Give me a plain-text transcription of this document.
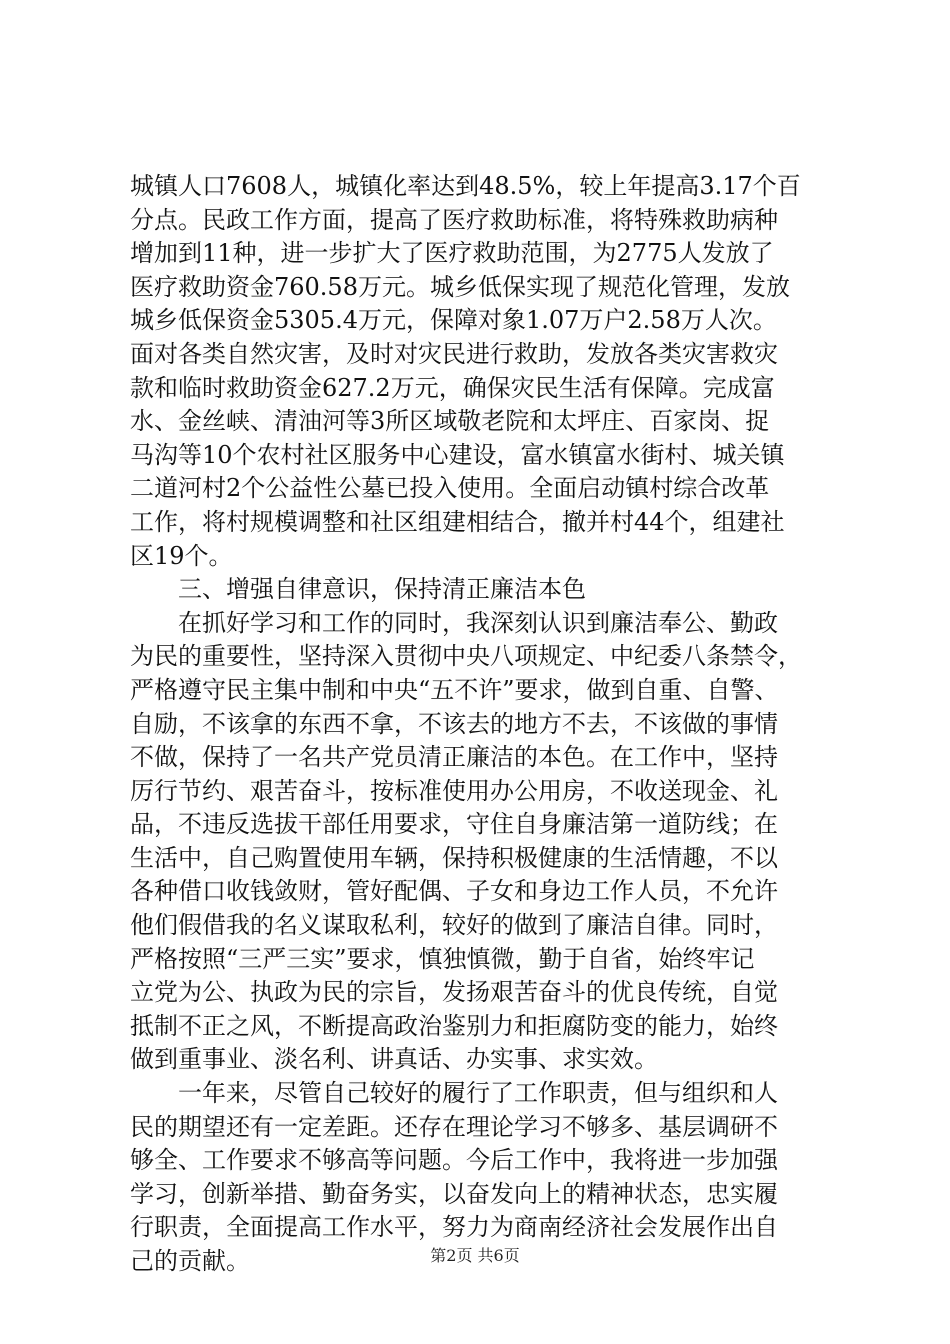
城镇人口7608人，城镇化率达到48.5%，较上年提高3.17个百
分点。民政工作方面，提高了医疗救助标准，将特殊救助病种
增加到11种，进一步扩大了医疗救助范围，为2775人发放了
医疗救助资金760.58万元。城乡低保实现了规范化管理，发放
城乡低保资金5305.4万元，保障对象1.07万户2.58万人次。
面对各类自然灾害，及时对灾民进行救助，发放各类灾害救灾
款和临时救助资金627.2万元，确保灾民生活有保障。完成富
水、金丝峡、清油河等3所区域敬老院和太坪庄、百家岗、捉
马沟等10个农村社区服务中心建设，富水镇富水街村、城关镇
二道河村2个公益性公墓已投入使用。全面启动镇村综合改革
工作，将村规模调整和社区组建相结合，撤并村44个，组建社
区19个。
三、增强自律意识，保持清正廉洁本色
在抓好学习和工作的同时，我深刻认识到廉洁奉公、勤政
为民的重要性，坚持深入贯彻中央八项规定、中纪委八条禁令，
严格遵守民主集中制和中央“五不许”要求，做到自重、自警、
自励，不该拿的东西不拿，不该去的地方不去，不该做的事情
不做，保持了一名共产党员清正廉洁的本色。在工作中，坚持
厉行节约、艰苦奋斗，按标准使用办公用房，不收送现金、礼
品，不违反选拔干部任用要求，守住自身廉洁第一道防线；在
生活中，自己购置使用车辆，保持积极健康的生活情趣，不以
各种借口收钱敛财，管好配偶、子女和身边工作人员，不允许
他们假借我的名义谋取私利，较好的做到了廉洁自律。同时，
严格按照“三严三实”要求，慎独慎微，勤于自省，始终牢记
立党为公、执政为民的宗旨，发扬艰苦奋斗的优良传统，自觉
抵制不正之风，不断提高政治鉴别力和拒腐防变的能力，始终
做到重事业、淡名利、讲真话、办实事、求实效。
一年来，尽管自己较好的履行了工作职责，但与组织和人
民的期望还有一定差距。还存在理论学习不够多、基层调研不
够全、工作要求不够高等问题。今后工作中，我将进一步加强
学习，创新举措、勤奋务实，以奋发向上的精神状态，忠实履
行职责，全面提高工作水平，努力为商南经济社会发展作出自
己的贡献。	第2页 共6页
